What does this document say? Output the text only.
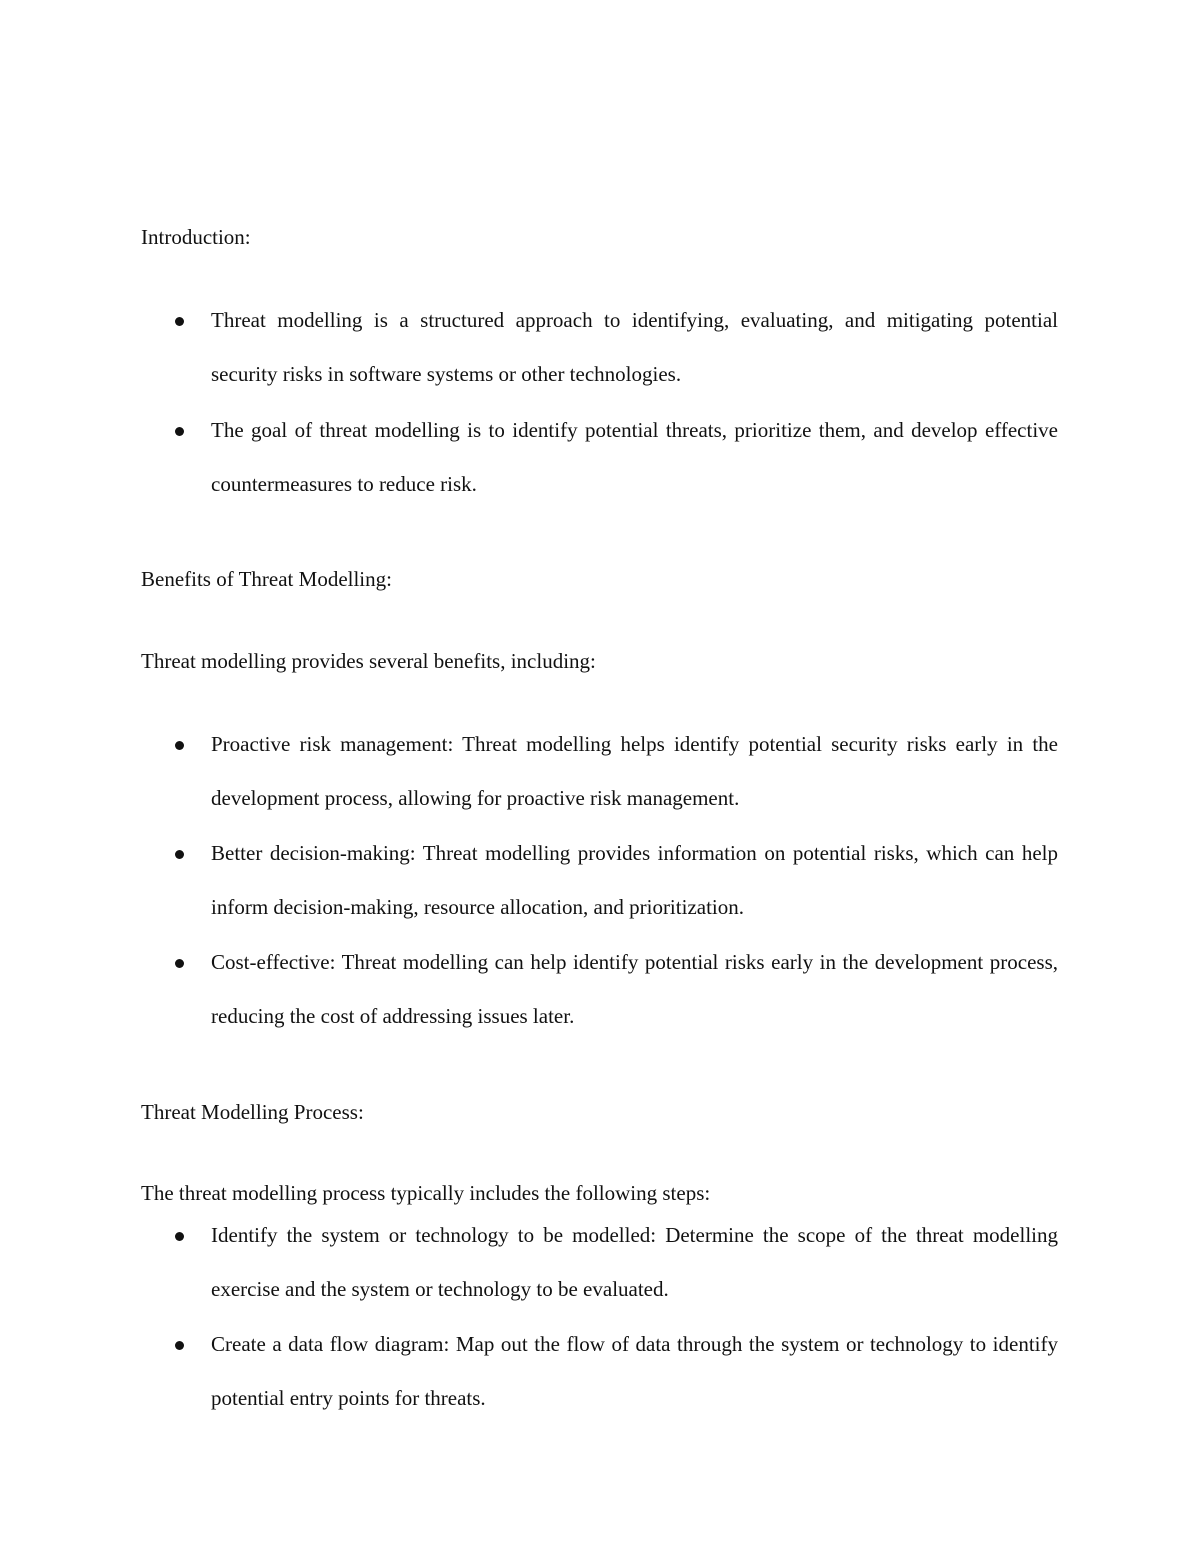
Introduction:
Threat modelling is a structured approach to identifying, evaluating, and mitigating potential security risks in software systems or other technologies.
The goal of threat modelling is to identify potential threats, prioritize them, and develop effective countermeasures to reduce risk.
Benefits of Threat Modelling:
Threat modelling provides several benefits, including:
Proactive risk management: Threat modelling helps identify potential security risks early in the development process, allowing for proactive risk management.
Better decision-making: Threat modelling provides information on potential risks, which can help inform decision-making, resource allocation, and prioritization.
Cost-effective: Threat modelling can help identify potential risks early in the development process, reducing the cost of addressing issues later.
Threat Modelling Process:
The threat modelling process typically includes the following steps:
Identify the system or technology to be modelled: Determine the scope of the threat modelling exercise and the system or technology to be evaluated.
Create a data flow diagram: Map out the flow of data through the system or technology to identify potential entry points for threats.
